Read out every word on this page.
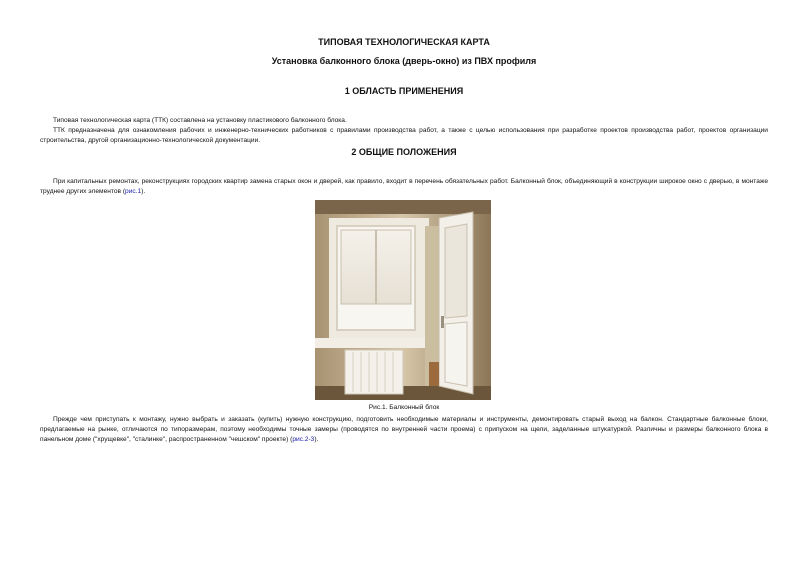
ТИПОВАЯ ТЕХНОЛОГИЧЕСКАЯ КАРТА
Установка балконного блока (дверь-окно) из ПВХ профиля
1 ОБЛАСТЬ ПРИМЕНЕНИЯ
Типовая технологическая карта (ТТК) составлена на установку пластикового балконного блока.
ТТК предназначена для ознакомления рабочих и инженерно-технических работников с правилами производства работ, а также с целью использования при разработке проектов производства работ, проектов организации строительства, другой организационно-технологической документации.
2 ОБЩИЕ ПОЛОЖЕНИЯ
При капитальных ремонтах, реконструкциях городских квартир замена старых окон и дверей, как правило, входит в перечень обязательных работ. Балконный блок, объединяющий в конструкции широкое окно с дверью, в монтаже труднее других элементов (рис.1).
Рис.1. Балконный блок
Прежде чем приступать к монтажу, нужно выбрать и заказать (купить) нужную конструкцию, подготовить необходимые материалы и инструменты, демонтировать старый выход на балкон. Стандартные балконные блоки, предлагаемые на рынке, отличаются по типоразмерам, поэтому необходимы точные замеры (проводятся по внутренней части проема) с припуском на щели, заделанные штукатуркой. Различны и размеры балконного блока в панельном доме ("хрущевке", "сталинке", распространенном "чешском" проекте) (рис.2-3).
